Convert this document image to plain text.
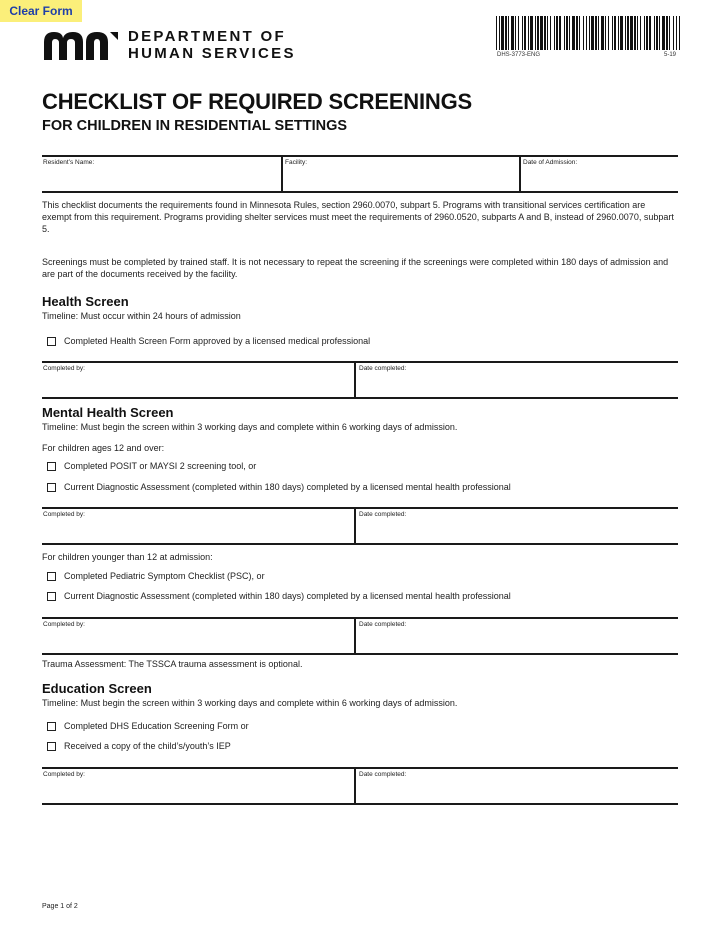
Clear Form
DEPARTMENT OF
HUMAN SERVICES	DHS-3773-ENG	5-19
CHECKLIST OF REQUIRED SCREENINGS
FOR CHILDREN IN RESIDENTIAL SETTINGS
Resident’s Name:	Facility:	Date of Admission:
This checklist documents the requirements found in Minnesota Rules, section 2960.0070, subpart 5. Programs with transitional services certification are exempt from this requirement. Programs providing shelter services must meet the requirements of 2960.0520, subparts A and B, instead of 2960.0070, subpart 5.
Screenings must be completed by trained staff. It is not necessary to repeat the screening if the screenings were completed within 180 days of admission and are part of the documents received by the facility.
Health Screen
Timeline: Must occur within 24 hours of admission
Completed Health Screen Form approved by a licensed medical professional
Completed by:	Date completed:
Mental Health Screen
Timeline: Must begin the screen within 3 working days and complete within 6 working days of admission.
For children ages 12 and over:
Completed POSIT or MAYSI 2 screening tool, or
Current Diagnostic Assessment (completed within 180 days) completed by a licensed mental health professional
Completed by:	Date completed:
For children younger than 12 at admission:
Completed Pediatric Symptom Checklist (PSC), or
Current Diagnostic Assessment (completed within 180 days) completed by a licensed mental health professional
Completed by:	Date completed:
Trauma Assessment: The TSSCA trauma assessment is optional.
Education Screen
Timeline: Must begin the screen within 3 working days and complete within 6 working days of admission.
Completed DHS Education Screening Form or
Received a copy of the child’s/youth’s IEP
Completed by:	Date completed:
Page 1 of 2
